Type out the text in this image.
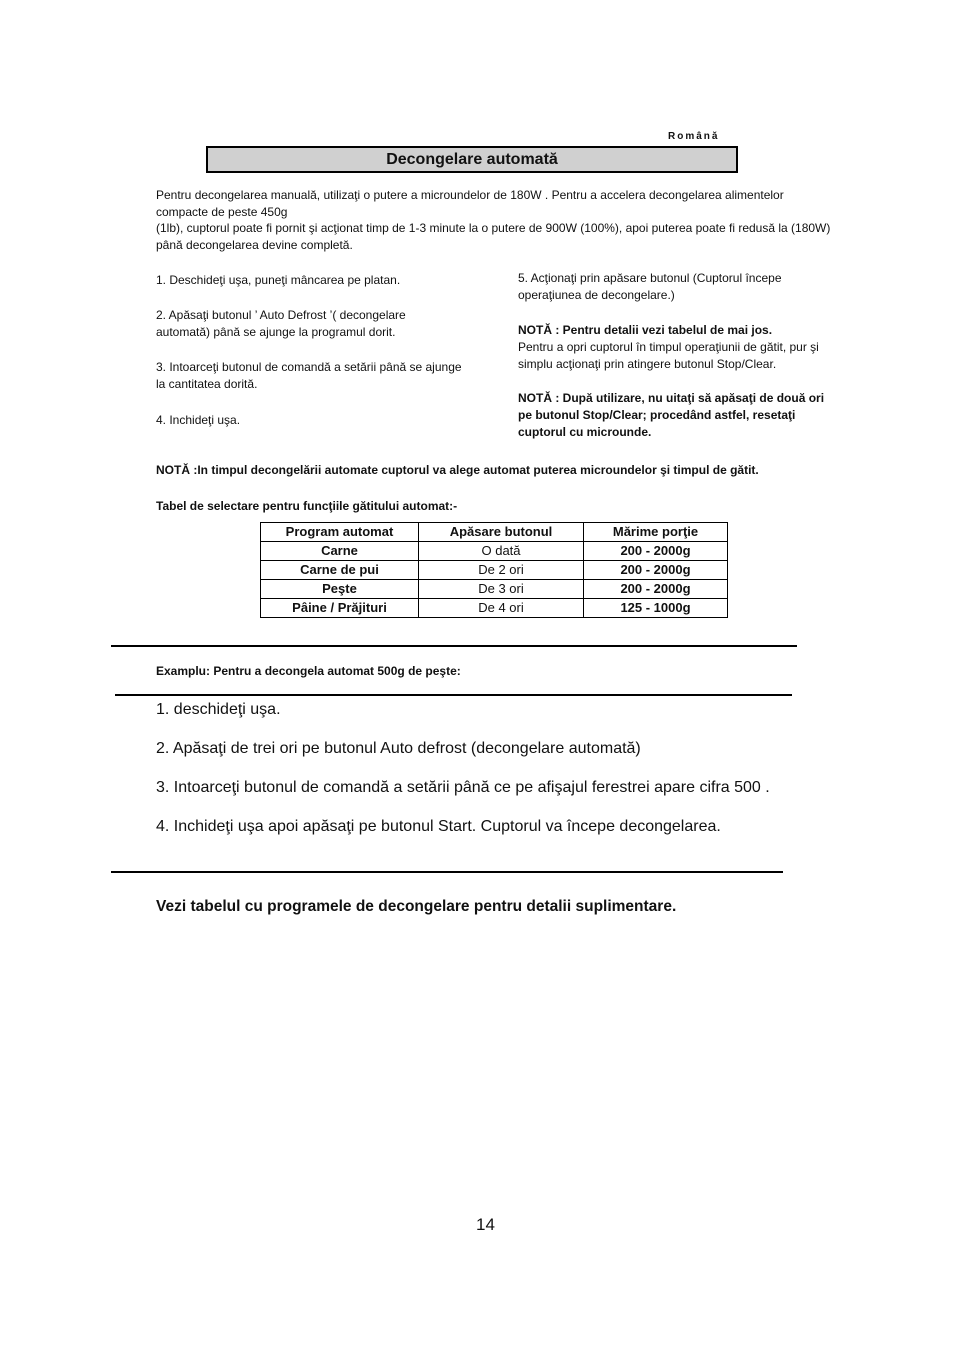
Română
Decongelare automată
Pentru decongelarea manuală, utilizaţi o putere a microundelor de 180W . Pentru a accelera decongelarea alimentelor compacte de peste 450g
(1lb), cuptorul poate fi pornit şi acţionat timp de 1-3 minute la o putere de 900W (100%), apoi puterea poate fi redusă la (180W) până decongelarea devine completă.
1. Deschideţi uşa, puneţi mâncarea pe platan.
2. Apăsaţi butonul ’ Auto Defrost ’( decongelare automată) până se ajunge la programul dorit.
3. Intoarceţi butonul de comandă a setării până se ajunge la cantitatea dorită.
4. Inchideţi uşa.
5. Acţionaţi prin apăsare butonul (Cuptorul începe operaţiunea de decongelare.)
NOTĂ : Pentru detalii vezi tabelul de mai jos.
Pentru a opri cuptorul în timpul operaţiunii de gătit, pur şi simplu acţionaţi prin atingere butonul Stop/Clear.
NOTĂ : După utilizare, nu uitaţi să apăsaţi de două ori pe butonul Stop/Clear; procedând astfel, resetaţi cuptorul cu microunde.
NOTĂ :In timpul decongelării automate cuptorul va alege automat puterea microundelor şi timpul de gătit.
Tabel de selectare pentru funcţiile gătitului automat:-
Program automat	Apăsare butonul	Mărime porţie
Carne	O dată	200 - 2000g
Carne de pui	De 2 ori	200 - 2000g
Peşte	De 3 ori	200 - 2000g
Pâine / Prăjituri	De 4 ori	125 - 1000g
Examplu: Pentru a decongela automat 500g de peşte:
1. deschideţi uşa.
2. Apăsaţi de trei ori pe butonul Auto defrost (decongelare automată)
3. Intoarceţi butonul de comandă a setării până ce pe afişajul ferestrei apare cifra 500 .
4. Inchideţi uşa apoi apăsaţi pe butonul Start. Cuptorul va începe decongelarea.
Vezi tabelul cu programele de decongelare pentru detalii suplimentare.
14
